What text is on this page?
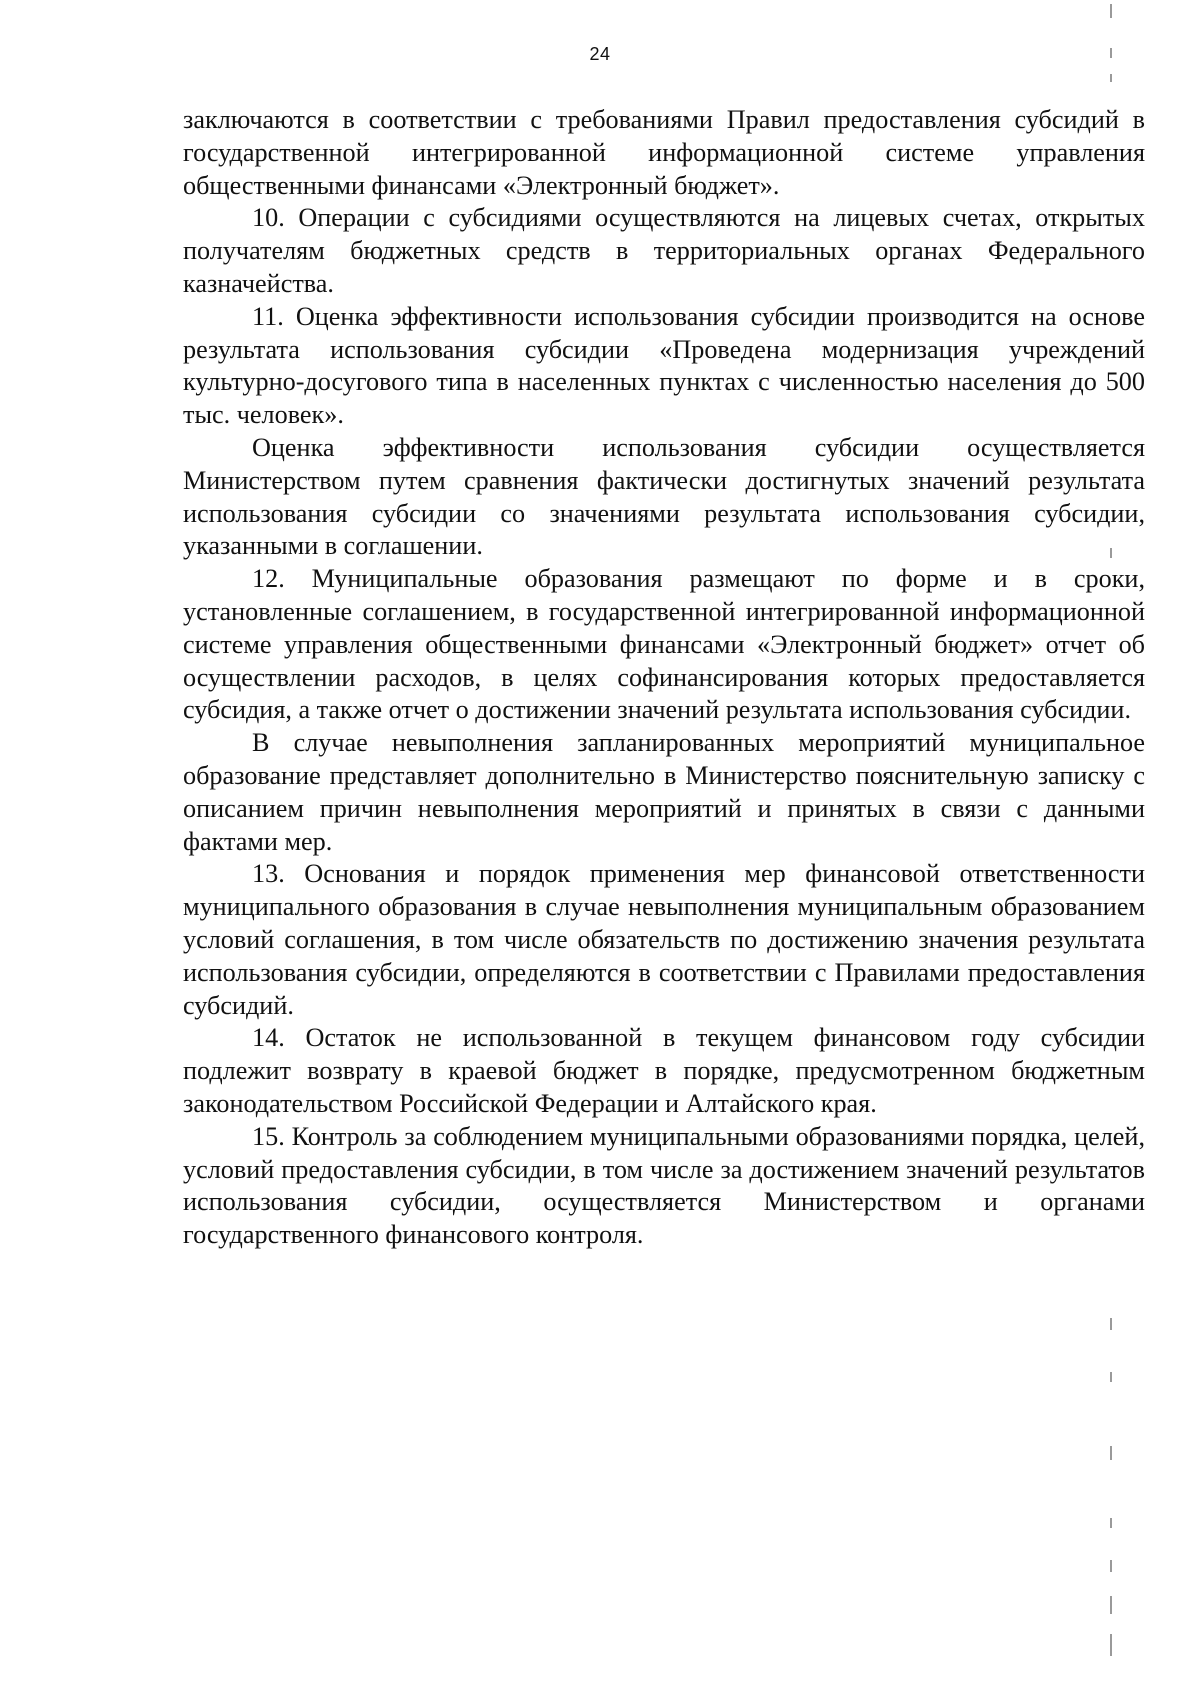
24

заключаются в соответствии с требованиями Правил предоставления субсидий в государственной интегрированной информационной системе управления общественными финансами «Электронный бюджет».

10. Операции с субсидиями осуществляются на лицевых счетах, открытых получателям бюджетных средств в территориальных органах Федерального казначейства.

11. Оценка эффективности использования субсидии производится на основе результата использования субсидии «Проведена модернизация учреждений культурно-досугового типа в населенных пунктах с численностью населения до 500 тыс. человек».

Оценка эффективности использования субсидии осуществляется Министерством путем сравнения фактически достигнутых значений результата использования субсидии со значениями результата использования субсидии, указанными в соглашении.

12. Муниципальные образования размещают по форме и в сроки, установленные соглашением, в государственной интегрированной информационной системе управления общественными финансами «Электронный бюджет» отчет об осуществлении расходов, в целях софинансирования которых предоставляется субсидия, а также отчет о достижении значений результата использования субсидии.

В случае невыполнения запланированных мероприятий муниципальное образование представляет дополнительно в Министерство пояснительную записку с описанием причин невыполнения мероприятий и принятых в связи с данными фактами мер.

13. Основания и порядок применения мер финансовой ответственности муниципального образования в случае невыполнения муниципальным образованием условий соглашения, в том числе обязательств по достижению значения результата использования субсидии, определяются в соответствии с Правилами предоставления субсидий.

14. Остаток не использованной в текущем финансовом году субсидии подлежит возврату в краевой бюджет в порядке, предусмотренном бюджетным законодательством Российской Федерации и Алтайского края.

15. Контроль за соблюдением муниципальными образованиями порядка, целей, условий предоставления субсидии, в том числе за достижением значений результатов использования субсидии, осуществляется Министерством и органами государственного финансового контроля.
